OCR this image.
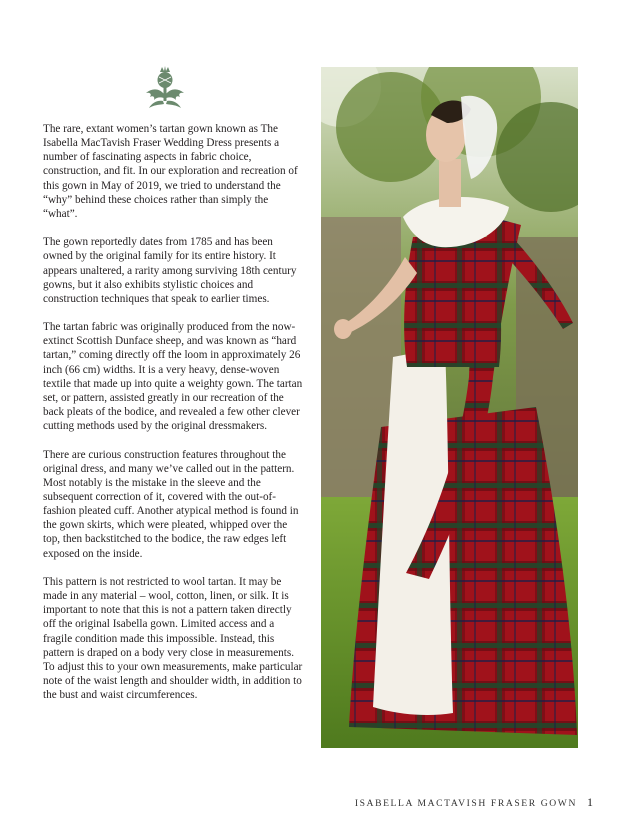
The rare, extant women’s tartan gown known as The Isabella MacTavish Fraser Wedding Dress presents a number of fascinating aspects in fabric choice, construction, and fit. In our exploration and recreation of this gown in May of 2019, we tried to understand the “why” behind these choices rather than simply the “what”.

The gown reportedly dates from 1785 and has been owned by the original family for its entire history. It appears unaltered, a rarity among surviving 18th century gowns, but it also exhibits stylistic choices and construction techniques that speak to earlier times.

The tartan fabric was originally produced from the now-extinct Scottish Dunface sheep, and was known as “hard tartan,” coming directly off the loom in approximately 26 inch (66 cm) widths. It is a very heavy, dense-woven textile that made up into quite a weighty gown. The tartan set, or pattern, assisted greatly in our recreation of the back pleats of the bodice, and revealed a few other clever cutting methods used by the original dressmakers.

There are curious construction features throughout the original dress, and many we’ve called out in the pattern. Most notably is the mistake in the sleeve and the subsequent correction of it, covered with the out-of-fashion pleated cuff. Another atypical method is found in the gown skirts, which were pleated, whipped over the top, then backstitched to the bodice, the raw edges left exposed on the inside.

This pattern is not restricted to wool tartan. It may be made in any material – wool, cotton, linen, or silk. It is important to note that this is not a pattern taken directly off the original Isabella gown. Limited access and a fragile condition made this impossible. Instead, this pattern is draped on a body very close in measurements. To adjust this to your own measurements, make particular note of the waist length and shoulder width, in addition to the bust and waist circumferences.

ISABELLA MACTAVISH FRASER GOWN 1
